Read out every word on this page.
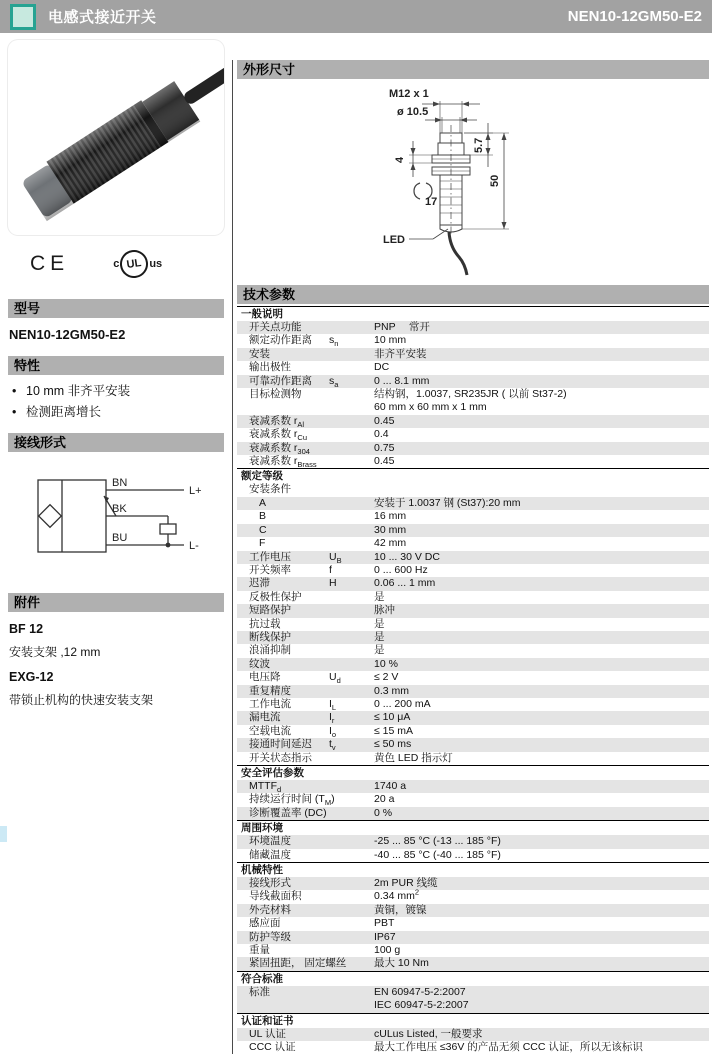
电感式接近开关	NEN10-12GM50-E2
CE	c UL us
型号
NEN10-12GM50-E2
特性
• 10 mm 非齐平安装
• 检测距离增长
接线形式
BN
BK
BU
L+
L-
附件
BF 12
安装支架 ,12 mm
EXG-12
带锁止机构的快速安装支架
外形尺寸
M12 x 1
ø 10.5
4
17
5.7
50
LED
技术参数
一般说明
开关点功能	PNP　 常开
额定动作距离	$s_n$	10 mm
安装	非齐平安装
输出极性	DC
可靠动作距离	$s_a$	0 ... 8.1 mm
目标检测物	结构钢，1.0037, SR235JR ( 以前 St37-2)
60 mm x 60 mm x 1 mm
衰减系数 $r_{Al}$	0.45
衰减系数 $r_{Cu}$	0.4
衰减系数 $r_{304}$	0.75
衰减系数 $r_{Brass}$	0.45
额定等级
安装条件
A	安装于 1.0037 钢 (St37):20 mm
B	16 mm
C	30 mm
F	42 mm
工作电压	$U_B$	10 ... 30 V DC
开关频率	f	0 ... 600 Hz
迟滞	H	0.06 ... 1 mm
反极性保护	是
短路保护	脉冲
抗过载	是
断线保护	是
浪涌抑制	是
纹波	10 %
电压降	$U_d$	≤ 2 V
重复精度	0.3 mm
工作电流	$I_L$	0 ... 200 mA
漏电流	$I_r$	≤ 10 μA
空载电流	$I_o$	≤ 15 mA
接通时间延迟	$t_v$	≤ 50 ms
开关状态指示	黄色 LED 指示灯
安全评估参数
$MTTF_d$	1740 a
持续运行时间 $(T_M)$	20 a
诊断覆盖率 (DC)	0 %
周围环境
环境温度	-25 ... 85 °C (-13 ... 185 °F)
储藏温度	-40 ... 85 °C (-40 ... 185 °F)
机械特性
接线形式	2m PUR 线缆
导线截面积	0.34 $mm^2$
外壳材料	黄铜，镀镍
感应面	PBT
防护等级	IP67
重量	100 g
紧固扭距， 固定螺丝	最大 10 Nm
符合标准
标准	EN 60947-5-2:2007
IEC 60947-5-2:2007
认证和证书
UL 认证	cULus Listed, 一般要求
CCC 认证	最大工作电压 ≤36V 的产品无须 CCC 认证，所以无该标识
